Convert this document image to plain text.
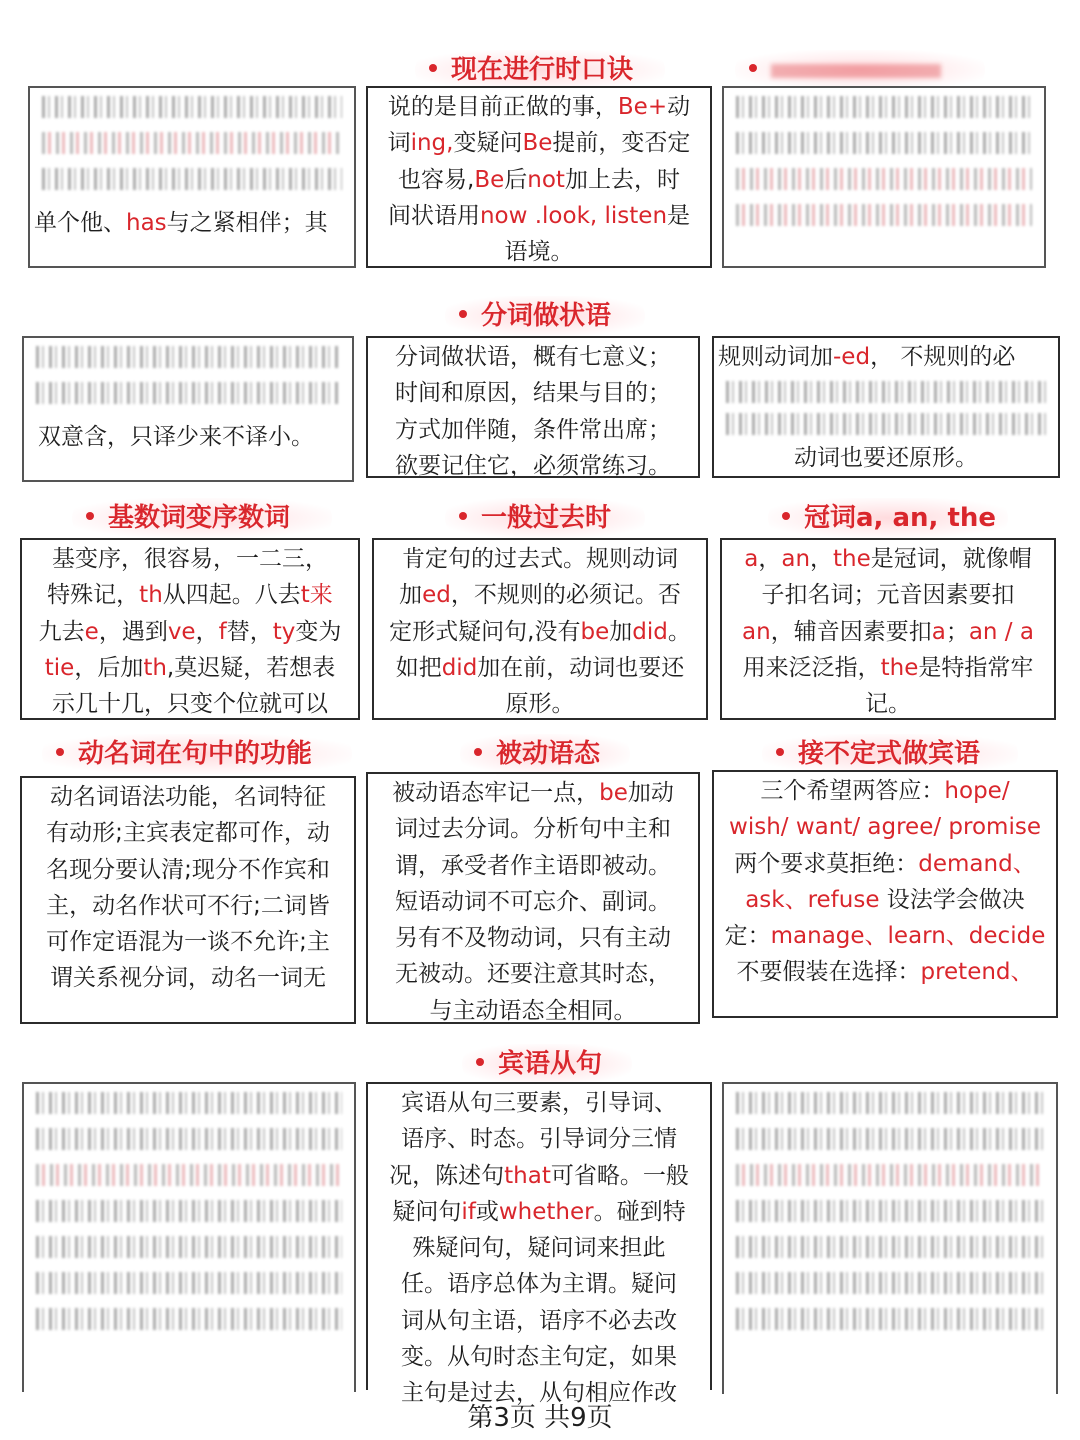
现在进行时口诀
单个他、has与之紧相伴；其
说的是目前正做的事，Be+动
词ing,变疑问Be提前，变否定
也容易,Be后not加上去，时
间状语用now .look, listen是
语境。
分词做状语
双意含，只译少来不译小。
分词做状语，概有七意义；
时间和原因，结果与目的；
方式加伴随，条件常出席；
欲要记住它，必须常练习。
规则动词加-ed， 不规则的必
动词也要还原形。
基数词变序数词	一般过去时	冠词a, an, the
基变序，很容易，一二三，
特殊记，th从四起。八去t来
九去e，遇到ve，f替，ty变为
tie，后加th,莫迟疑，若想表
示几十几，只变个位就可以
肯定句的过去式。规则动词
加ed，不规则的必须记。否
定形式疑问句,没有be加did。
如把did加在前，动词也要还
原形。
a，an，the是冠词，就像帽
子扣名词；元音因素要扣
an，辅音因素要扣a；an / a
用来泛泛指，the是特指常牢
记。
动名词在句中的功能	被动语态	接不定式做宾语
动名词语法功能，名词特征
有动形;主宾表定都可作，动
名现分要认清;现分不作宾和
主，动名作状可不行;二词皆
可作定语混为一谈不允许;主
谓关系视分词，动名一词无
被动语态牢记一点，be加动
词过去分词。分析句中主和
谓，承受者作主语即被动。
短语动词不可忘介、副词。
另有不及物动词，只有主动
无被动。还要注意其时态，
与主动语态全相同。
三个希望两答应：hope/
wish/ want/ agree/ promise
两个要求莫拒绝：demand、
ask、refuse 设法学会做决
定：manage、learn、decide
不要假装在选择：pretend、
宾语从句
宾语从句三要素，引导词、
语序、时态。引导词分三情
况，陈述句that可省略。一般
疑问句if或whether。碰到特
殊疑问句，疑问词来担此
任。语序总体为主谓。疑问
词从句主语，语序不必去改
变。从句时态主句定，如果
主句是过去，从句相应作改
第3页 共9页
